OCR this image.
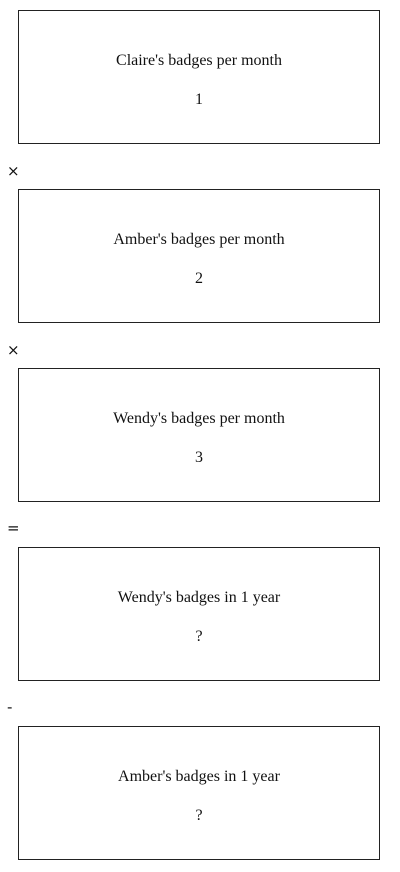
Claire's badges per month
1
×
Amber's badges per month
2
×
Wendy's badges per month
3
=
Wendy's badges in 1 year
?
-
Amber's badges in 1 year
?
